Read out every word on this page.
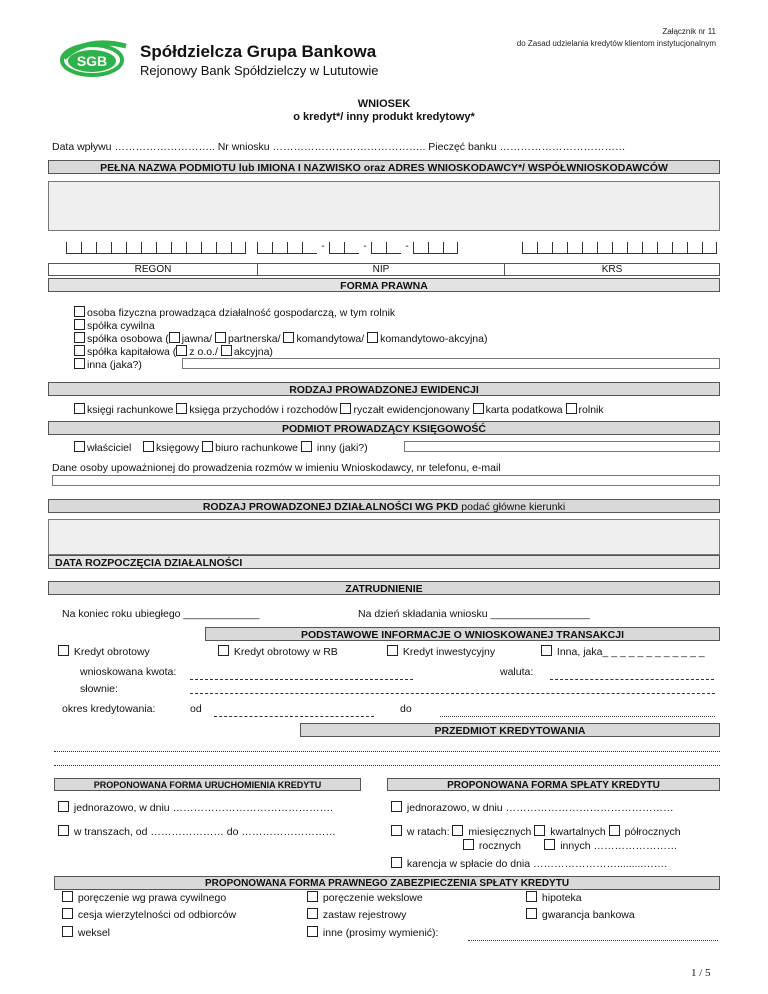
Załącznik nr 11
do Zasad udzielania kredytów klientom instytucjonalnym
SGB Spółdzielcza Grupa Bankowa
Rejonowy Bank Spółdzielczy w Lututowie
WNIOSEK
o kredyt*/ inny produkt kredytowy*
Data wpływu ……………………….. Nr wniosku …………………………………….. Pieczęć banku ………………………………
PEŁNA NAZWA PODMIOTU lub IMIONA I NAZWISKO oraz ADRES WNIOSKODAWCY*/ WSPÓŁWNIOSKODAWCÓW
-	-	-
REGON	NIP	KRS
FORMA PRAWNA
osoba fizyczna prowadząca działalność gospodarczą, w tym rolnik
spółka cywilna
spółka osobowa ( jawna/ partnerska/ komandytowa/ komandytowo-akcyjna)
spółka kapitałowa ( z o.o./ akcyjna)
inna (jaka?)
RODZAJ PROWADZONEJ EWIDENCJI
księgi rachunkowe księga przychodów i rozchodów ryczałt ewidencjonowany karta podatkowa rolnik
PODMIOT PROWADZĄCY KSIĘGOWOŚĆ
właściciel księgowy biuro rachunkowe  inny (jaki?)
Dane osoby upoważnionej do prowadzenia rozmów w imieniu Wnioskodawcy, nr telefonu, e-mail
RODZAJ PROWADZONEJ DZIAŁALNOŚCI WG PKD podać główne kierunki
DATA ROZPOCZĘCIA DZIAŁALNOŚCI
ZATRUDNIENIE
Na koniec roku ubiegłego _____________	Na dzień składania wniosku _________________
PODSTAWOWE INFORMACJE O WNIOSKOWANEJ TRANSAKCJI
Kredyt obrotowy	Kredyt obrotowy w RB	Kredyt inwestycyjny	Inna, jaka_ _ _ _ _ _ _ _ _ _ _ _
wnioskowana kwota:	waluta:
słownie:
okres kredytowania:	od	do
PRZEDMIOT KREDYTOWANIA
PROPONOWANA FORMA URUCHOMIENIA KREDYTU	PROPONOWANA FORMA SPŁATY KREDYTU
jednorazowo, w dniu ……………………………………….
w transzach, od ………………… do ………………………
jednorazowo, w dniu …………………………………………
w ratach: miesięcznych kwartalnych półrocznych
rocznych	innych ……………………
karencja w spłacie do dnia …………………….........…….
PROPONOWANA FORMA PRAWNEGO ZABEZPIECZENIA SPŁATY KREDYTU
poręczenie wg prawa cywilnego	poręczenie wekslowe	hipoteka
cesja wierzytelności od odbiorców	zastaw rejestrowy	gwarancja bankowa
weksel	inne (prosimy wymienić):
1 / 5
